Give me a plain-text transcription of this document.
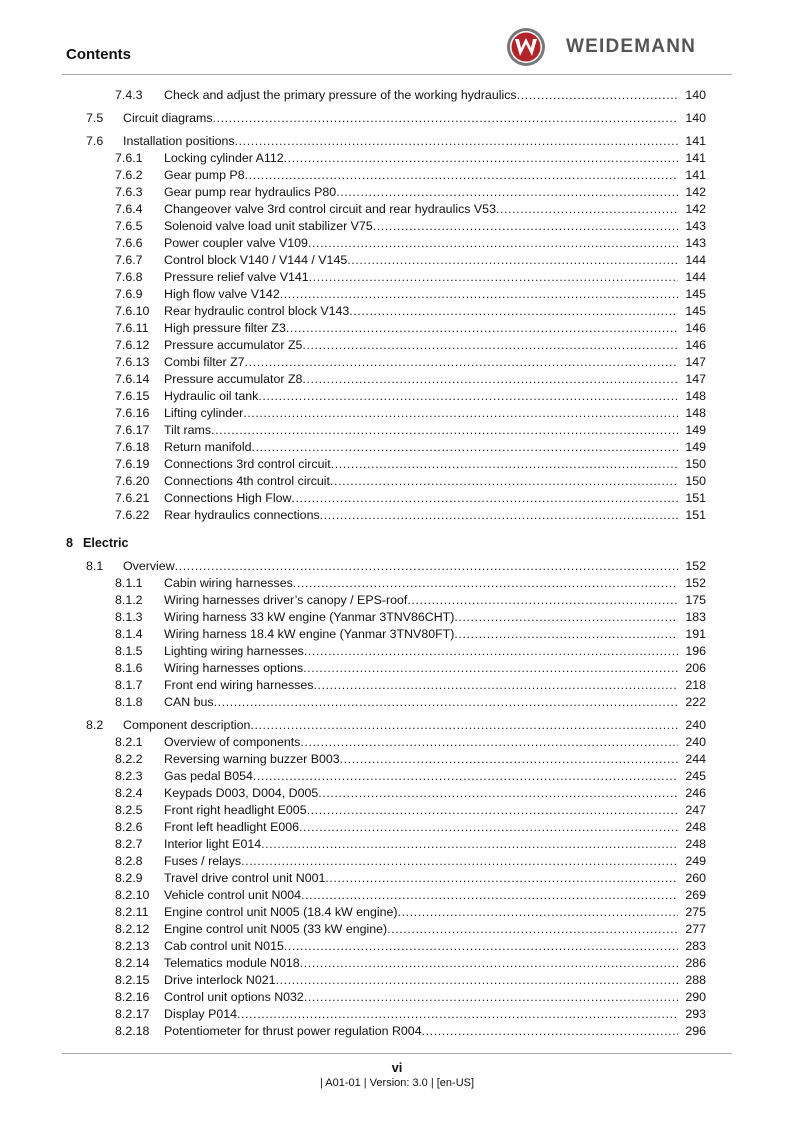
Contents	WEIDEMANN
7.4.3 Check and adjust the primary pressure of the working hydraulics .....	140
7.5 Circuit diagrams .....	140
7.6 Installation positions .....	141
7.6.1 Locking cylinder A112 .....	141
7.6.2 Gear pump P8 .....	141
7.6.3 Gear pump rear hydraulics P80 .....	142
7.6.4 Changeover valve 3rd control circuit and rear hydraulics V53 .....	142
7.6.5 Solenoid valve load unit stabilizer V75 .....	143
7.6.6 Power coupler valve V109 .....	143
7.6.7 Control block V140 / V144 / V145 .....	144
7.6.8 Pressure relief valve V141 .....	144
7.6.9 High flow valve V142 .....	145
7.6.10 Rear hydraulic control block V143 .....	145
7.6.11 High pressure filter Z3 .....	146
7.6.12 Pressure accumulator Z5 .....	146
7.6.13 Combi filter Z7 .....	147
7.6.14 Pressure accumulator Z8 .....	147
7.6.15 Hydraulic oil tank .....	148
7.6.16 Lifting cylinder .....	148
7.6.17 Tilt rams .....	149
7.6.18 Return manifold .....	149
7.6.19 Connections 3rd control circuit .....	150
7.6.20 Connections 4th control circuit .....	150
7.6.21 Connections High Flow .....	151
7.6.22 Rear hydraulics connections .....	151
8 Electric
8.1 Overview .....	152
8.1.1 Cabin wiring harnesses .....	152
8.1.2 Wiring harnesses driver’s canopy / EPS-roof .....	175
8.1.3 Wiring harness 33 kW engine (Yanmar 3TNV86CHT) .....	183
8.1.4 Wiring harness 18.4 kW engine (Yanmar 3TNV80FT) .....	191
8.1.5 Lighting wiring harnesses .....	196
8.1.6 Wiring harnesses options .....	206
8.1.7 Front end wiring harnesses .....	218
8.1.8 CAN bus .....	222
8.2 Component description .....	240
8.2.1 Overview of components .....	240
8.2.2 Reversing warning buzzer B003 .....	244
8.2.3 Gas pedal B054 .....	245
8.2.4 Keypads D003, D004, D005 .....	246
8.2.5 Front right headlight E005 .....	247
8.2.6 Front left headlight E006 .....	248
8.2.7 Interior light E014 .....	248
8.2.8 Fuses / relays .....	249
8.2.9 Travel drive control unit N001 .....	260
8.2.10 Vehicle control unit N004 .....	269
8.2.11 Engine control unit N005 (18.4 kW engine) .....	275
8.2.12 Engine control unit N005 (33 kW engine) .....	277
8.2.13 Cab control unit N015 .....	283
8.2.14 Telematics module N018 .....	286
8.2.15 Drive interlock N021 .....	288
8.2.16 Control unit options N032 .....	290
8.2.17 Display P014 .....	293
8.2.18 Potentiometer for thrust power regulation R004 .....	296
vi
| A01-01 | Version: 3.0 | [en-US]
